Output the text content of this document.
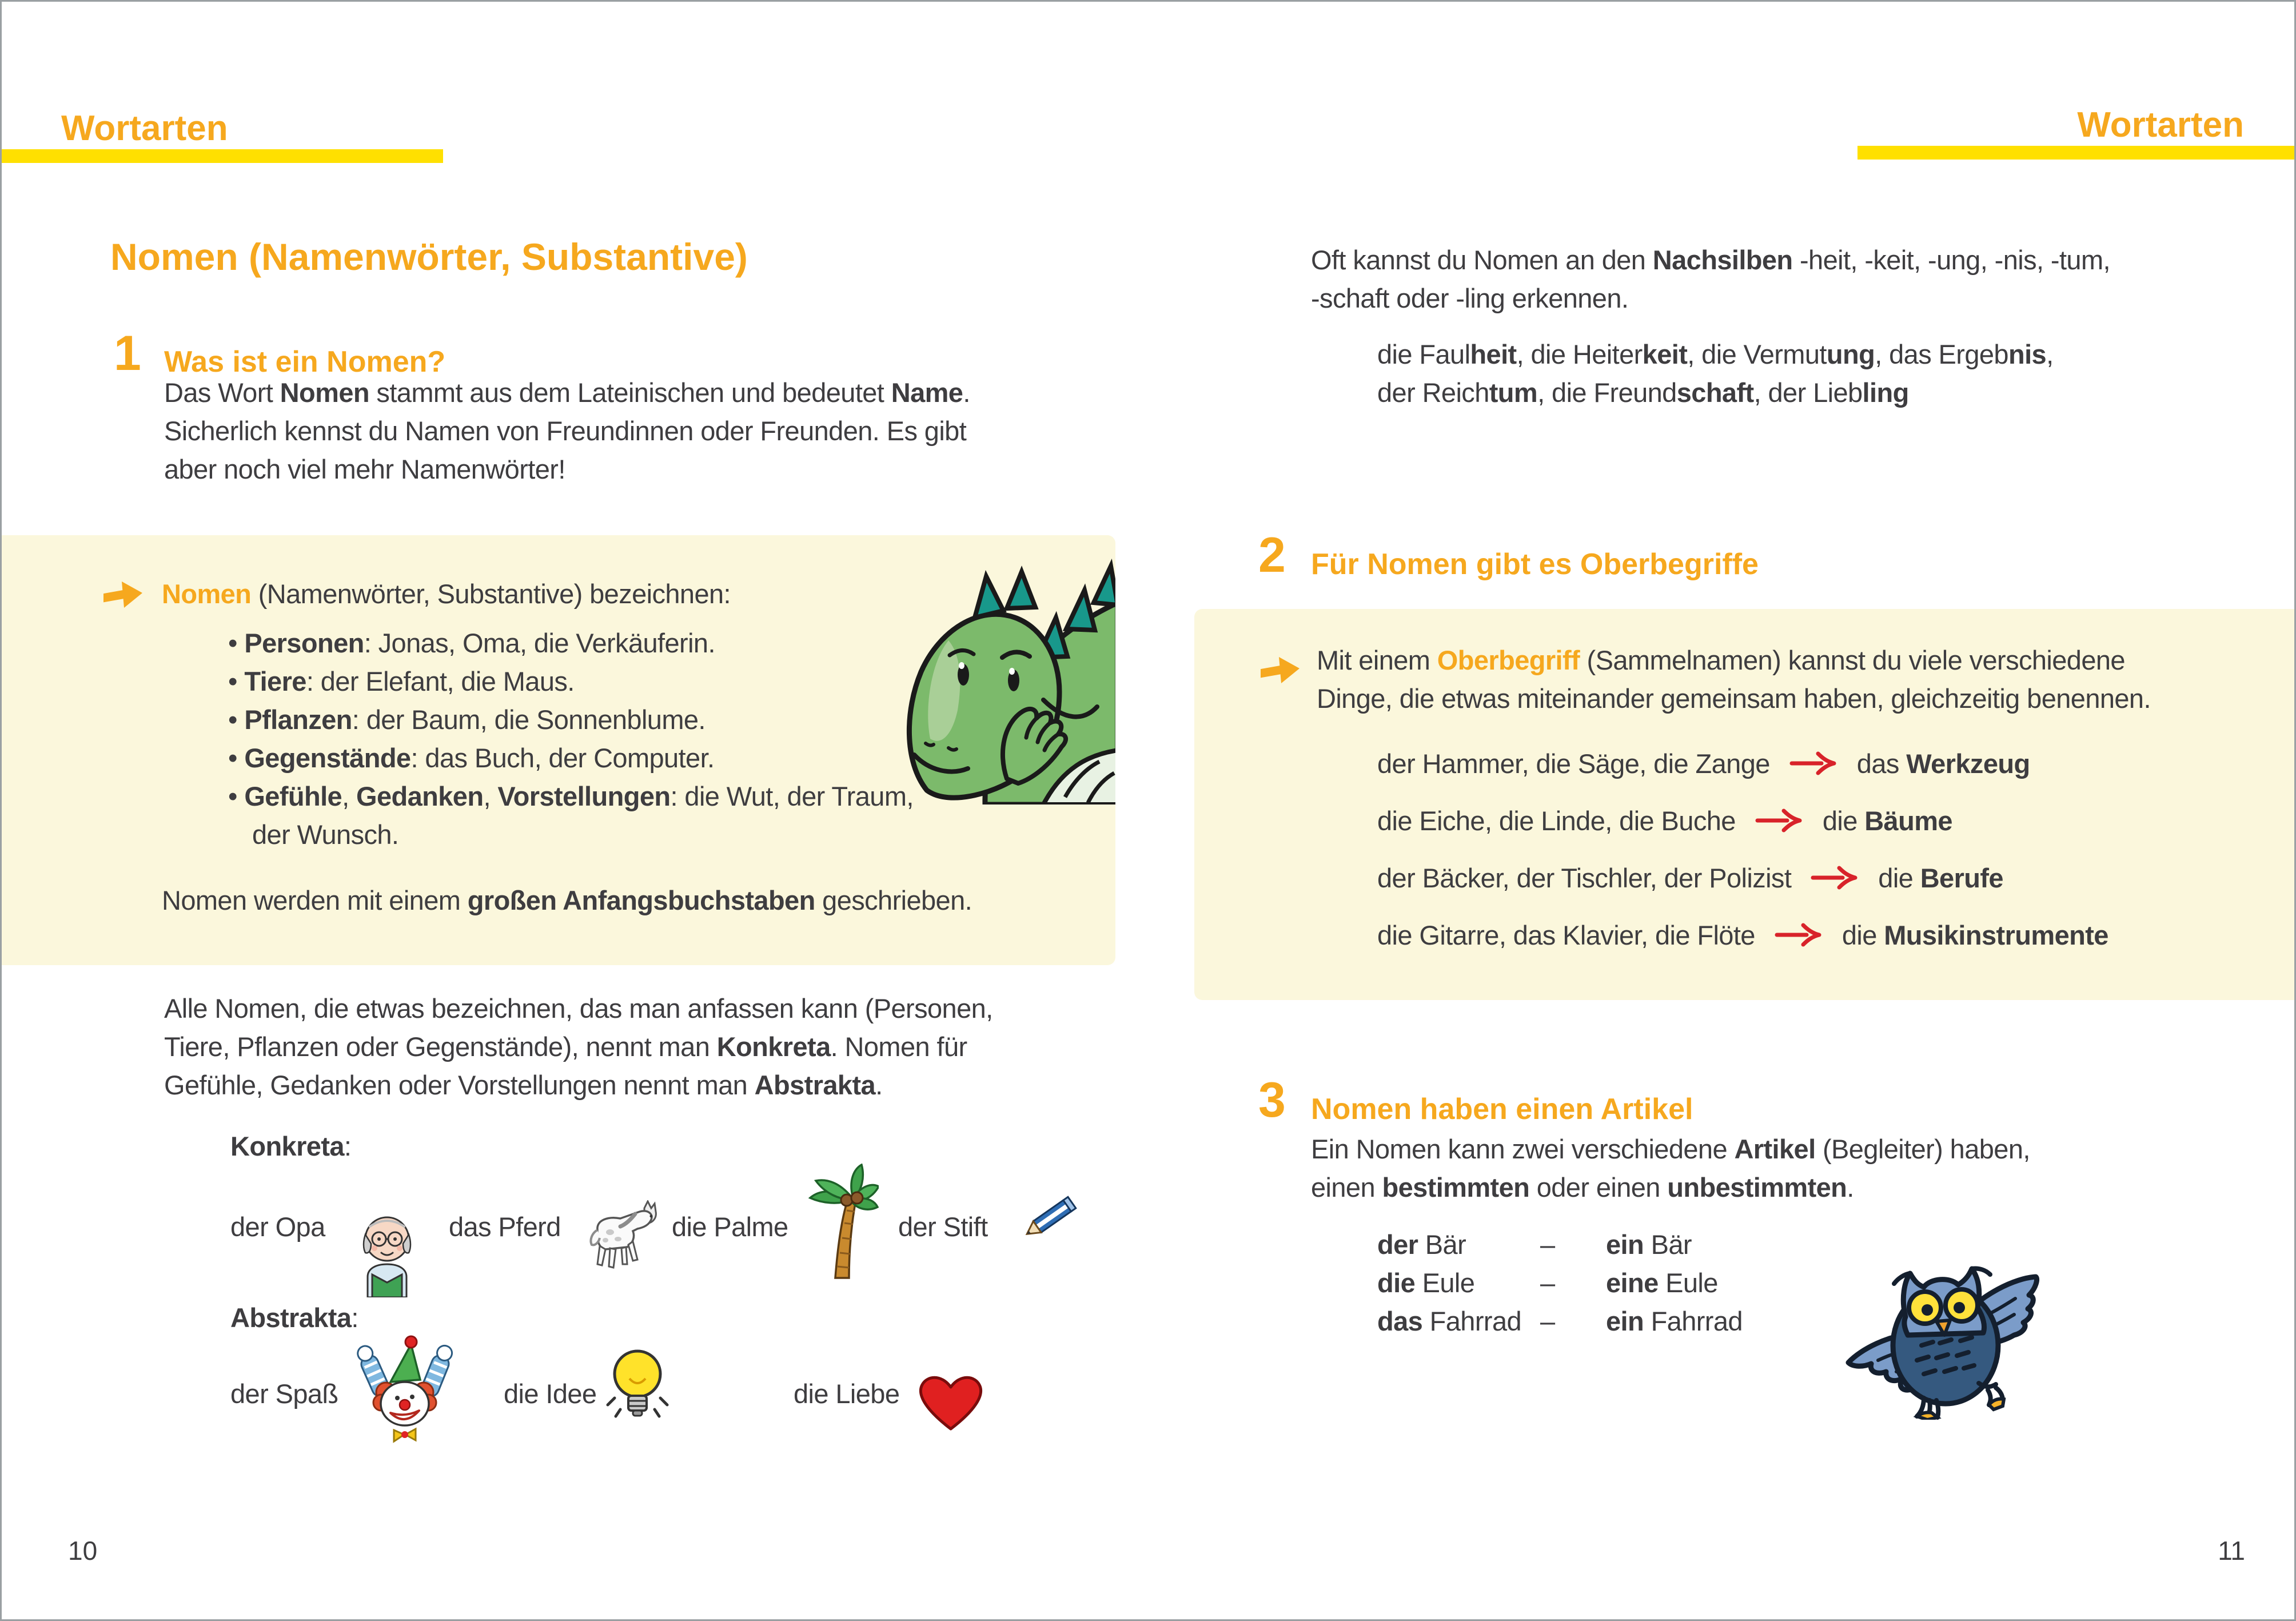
Wortarten
Nomen (Namenwörter, Substantive)
1 Was ist ein Nomen?
Das Wort Nomen stammt aus dem Lateinischen und bedeutet Name.
Sicherlich kennst du Namen von Freundinnen oder Freunden. Es gibt
aber noch viel mehr Namenwörter!
Nomen (Namenwörter, Substantive) bezeichnen:
• Personen: Jonas, Oma, die Verkäuferin.
• Tiere: der Elefant, die Maus.
• Pflanzen: der Baum, die Sonnenblume.
• Gegenstände: das Buch, der Computer.
• Gefühle, Gedanken, Vorstellungen: die Wut, der Traum,
der Wunsch.
Nomen werden mit einem großen Anfangsbuchstaben geschrieben.
Alle Nomen, die etwas bezeichnen, das man anfassen kann (Personen,
Tiere, Pflanzen oder Gegenstände), nennt man Konkreta. Nomen für
Gefühle, Gedanken oder Vorstellungen nennt man Abstrakta.
Konkreta:
der Opa	das Pferd	die Palme	der Stift
Abstrakta:
der Spaß	die Idee	die Liebe
10
Wortarten
Oft kannst du Nomen an den Nachsilben -heit, -keit, -ung, -nis, -tum,
-schaft oder -ling erkennen.
die Faulheit, die Heiterkeit, die Vermutung, das Ergebnis,
der Reichtum, die Freundschaft, der Liebling
2 Für Nomen gibt es Oberbegriffe
Mit einem Oberbegriff (Sammelnamen) kannst du viele verschiedene
Dinge, die etwas miteinander gemeinsam haben, gleichzeitig benennen.
der Hammer, die Säge, die Zange	das Werkzeug
die Eiche, die Linde, die Buche	die Bäume
der Bäcker, der Tischler, der Polizist	die Berufe
die Gitarre, das Klavier, die Flöte	die Musikinstrumente
3 Nomen haben einen Artikel
Ein Nomen kann zwei verschiedene Artikel (Begleiter) haben,
einen bestimmten oder einen unbestimmten.
der Bär	–	ein Bär
die Eule	–	eine Eule
das Fahrrad –	ein Fahrrad
11
